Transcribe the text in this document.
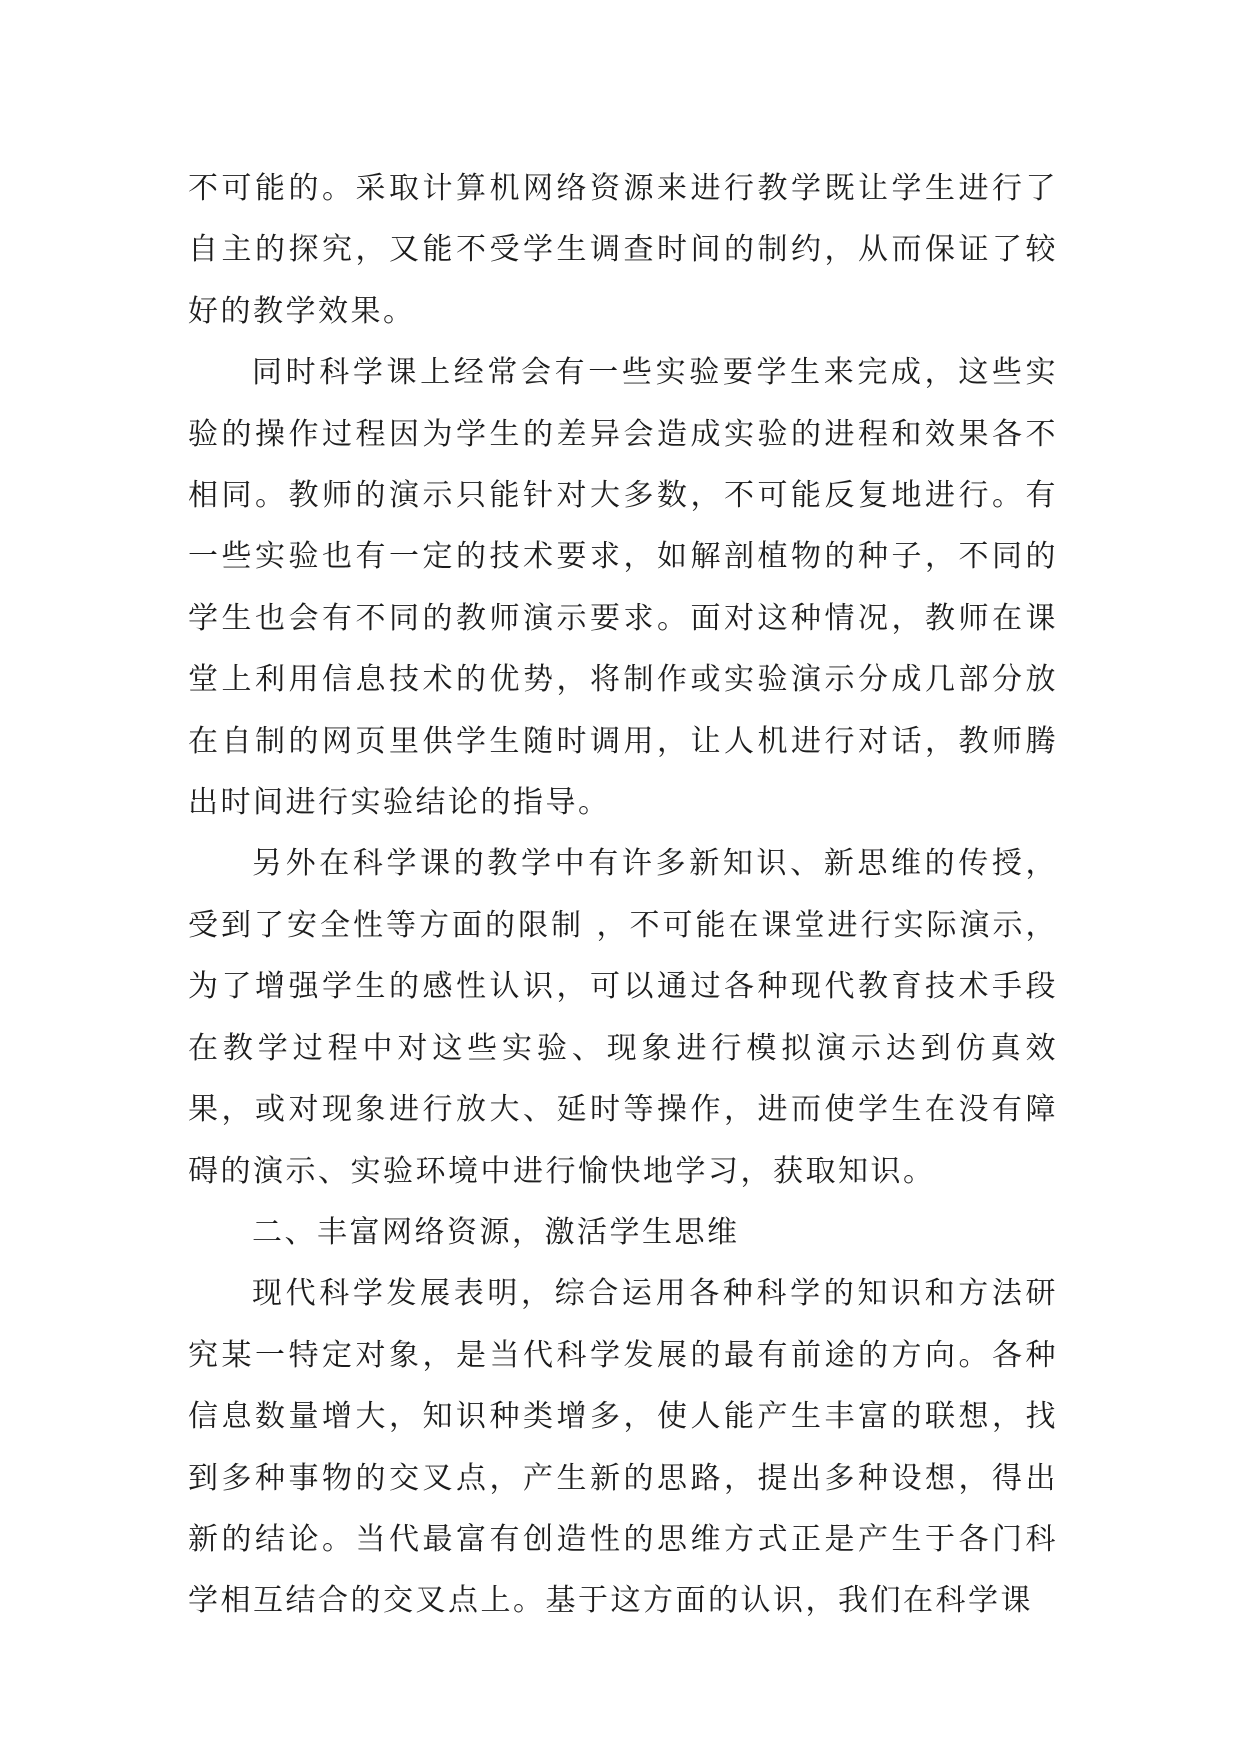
不可能的。采取计算机网络资源来进行教学既让学生进行了自主的探究，又能不受学生调查时间的制约，从而保证了较好的教学效果。

同时科学课上经常会有一些实验要学生来完成，这些实验的操作过程因为学生的差异会造成实验的进程和效果各不相同。教师的演示只能针对大多数，不可能反复地进行。有一些实验也有一定的技术要求，如解剖植物的种子，不同的学生也会有不同的教师演示要求。面对这种情况，教师在课堂上利用信息技术的优势，将制作或实验演示分成几部分放在自制的网页里供学生随时调用，让人机进行对话，教师腾出时间进行实验结论的指导。

另外在科学课的教学中有许多新知识、新思维的传授，受到了安全性等方面的限制 ，不可能在课堂进行实际演示，为了增强学生的感性认识，可以通过各种现代教育技术手段在教学过程中对这些实验、现象进行模拟演示达到仿真效果，或对现象进行放大、延时等操作，进而使学生在没有障碍的演示、实验环境中进行愉快地学习，获取知识。

二、丰富网络资源，激活学生思维

现代科学发展表明，综合运用各种科学的知识和方法研究某一特定对象，是当代科学发展的最有前途的方向。各种信息数量增大，知识种类增多，使人能产生丰富的联想，找到多种事物的交叉点，产生新的思路，提出多种设想，得出新的结论。当代最富有创造性的思维方式正是产生于各门科学相互结合的交叉点上。基于这方面的认识，我们在科学课
